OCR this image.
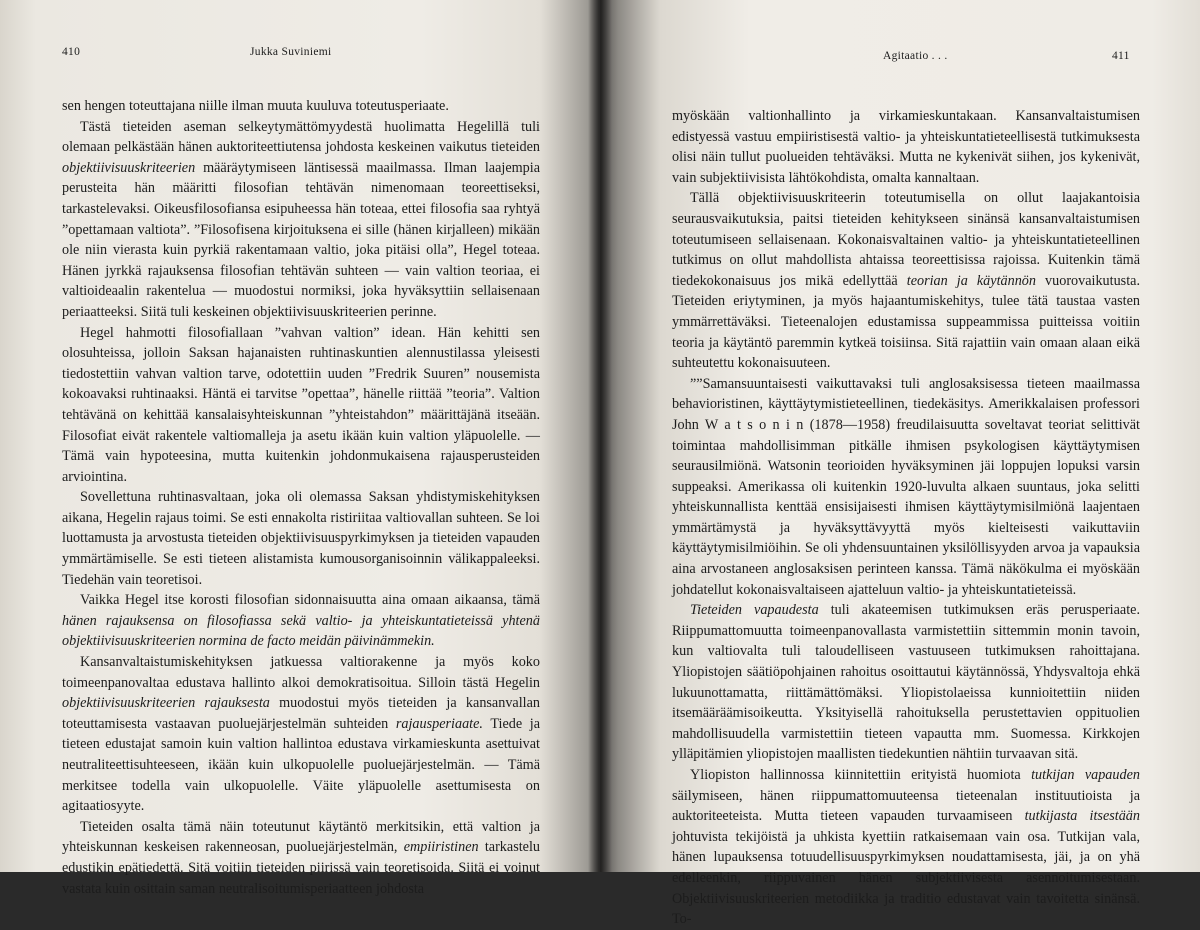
410	Jukka Suviniemi

sen hengen toteuttajana niille ilman muuta kuuluva toteutusperiaate.

Tästä tieteiden aseman selkeytymättömyydestä huolimatta Hegelillä tuli olemaan pelkästään hänen auktoriteettiutensa johdosta keskeinen vaikutus tieteiden objektiivisuuskriteerien määräytymiseen läntisessä maailmassa. Ilman laajempia perusteita hän määritti filosofian tehtävän nimenomaan teoreettiseksi, tarkastelevaksi. Oikeusfilosofiansa esipuheessa hän toteaa, ettei filosofia saa ryhtyä ”opettamaan valtiota”. ”Filosofisena kirjoituksena ei sille (hänen kirjalleen) mikään ole niin vierasta kuin pyrkiä rakentamaan valtio, joka pitäisi olla”, Hegel toteaa. Hänen jyrkkä rajauksensa filosofian tehtävän suhteen — vain valtion teoriaa, ei valtioideaalin rakentelua — muodostui normiksi, joka hyväksyttiin sellaisenaan periaatteeksi. Siitä tuli keskeinen objektiivisuuskriteerien perinne.

Hegel hahmotti filosofiallaan ”vahvan valtion” idean. Hän kehitti sen olosuhteissa, jolloin Saksan hajanaisten ruhtinaskuntien alennustilassa yleisesti tiedostettiin vahvan valtion tarve, odotettiin uuden ”Fredrik Suuren” nousemista kokoavaksi ruhtinaaksi. Häntä ei tarvitse ”opettaa”, hänelle riittää ”teoria”. Valtion tehtävänä on kehittää kansalaisyhteiskunnan ”yhteistahdon” määrittäjänä itseään. Filosofiat eivät rakentele valtiomalleja ja asetu ikään kuin valtion yläpuolelle. — Tämä vain hypoteesina, mutta kuitenkin johdonmukaisena rajausperusteiden arviointina.

Sovellettuna ruhtinasvaltaan, joka oli olemassa Saksan yhdistymiskehityksen aikana, Hegelin rajaus toimi. Se esti ennakolta ristiriitaa valtiovallan suhteen. Se loi luottamusta ja arvostusta tieteiden objektiivisuuspyrkimyksen ja tieteiden vapauden ymmärtämiselle. Se esti tieteen alistamista kumousorganisoinnin välikappaleeksi. Tiedehän vain teoretisoi.

Vaikka Hegel itse korosti filosofian sidonnaisuutta aina omaan aikaansa, tämä hänen rajauksensa on filosofiassa sekä valtio- ja yhteiskuntatieteissä yhtenä objektiivisuuskriteerien normina de facto meidän päivinämmekin.

Kansanvaltaistumiskehityksen jatkuessa valtiorakenne ja myös koko toimeenpanovaltaa edustava hallinto alkoi demokratisoitua. Silloin tästä Hegelin objektiivisuuskriteerien rajauksesta muodostui myös tieteiden ja kansanvallan toteuttamisesta vastaavan puoluejärjestelmän suhteiden rajausperiaate. Tiede ja tieteen edustajat samoin kuin valtion hallintoa edustava virkamieskunta asettuivat neutraliteettisuhteeseen, ikään kuin ulkopuolelle puoluejärjestelmän. — Tämä merkitsee todella vain ulkopuolelle. Väite yläpuolelle asettumisesta on agitaatiosyyte.

Tieteiden osalta tämä näin toteutunut käytäntö merkitsikin, että valtion ja yhteiskunnan keskeisen rakenneosan, puoluejärjestelmän, empiiristinen tarkastelu edustikin epätiedettä. Sitä voitiin tieteiden piirissä vain teoretisoida. Siitä ei voinut vastata kuin osittain saman neutralisoitumisperiaatteen johdosta

Agitaatio . . .	411

myöskään valtionhallinto ja virkamieskuntakaan. Kansanvaltaistumisen edistyessä vastuu empiiristisestä valtio- ja yhteiskuntatieteellisestä tutkimuksesta olisi näin tullut puolueiden tehtäväksi. Mutta ne kykenivät siihen, jos kykenivät, vain subjektiivisista lähtökohdista, omalta kannaltaan.

Tällä objektiivisuuskriteerin toteutumisella on ollut laajakantoisia seurausvaikutuksia, paitsi tieteiden kehitykseen sinänsä kansanvaltaistumisen toteutumiseen sellaisenaan. Kokonaisvaltainen valtio- ja yhteiskuntatieteellinen tutkimus on ollut mahdollista ahtaissa teoreettisissa rajoissa. Kuitenkin tämä tiedekokonaisuus jos mikä edellyttää teorian ja käytännön vuorovaikutusta. Tieteiden eriytyminen, ja myös hajaantumiskehitys, tulee tätä taustaa vasten ymmärrettäväksi. Tieteenalojen edustamissa suppeammissa puitteissa voitiin teoria ja käytäntö paremmin kytkeä toisiinsa. Sitä rajattiin vain omaan alaan eikä suhteutettu kokonaisuuteen.

””Samansuuntaisesti vaikuttavaksi tuli anglosaksisessa tieteen maailmassa behavioristinen, käyttäytymistieteellinen, tiedekäsitys. Amerikkalaisen professori John W a t s o n i n (1878—1958) freudilaisuutta soveltavat teoriat selittivät toimintaa mahdollisimman pitkälle ihmisen psykologisen käyttäytymisen seurausilmiönä. Watsonin teorioiden hyväksyminen jäi loppujen lopuksi varsin suppeaksi. Amerikassa oli kuitenkin 1920-luvulta alkaen suuntaus, joka selitti yhteiskunnallista kenttää ensisijaisesti ihmisen käyttäytymisilmiönä laajentaen ymmärtämystä ja hyväksyttävyyttä myös kielteisesti vaikuttaviin käyttäytymisilmiöihin. Se oli yhdensuuntainen yksilöllisyyden arvoa ja vapauksia aina arvostaneen anglosaksisen perinteen kanssa. Tämä näkökulma ei myöskään johdatellut kokonaisvaltaiseen ajatteluun valtio- ja yhteiskuntatieteissä.

Tieteiden vapaudesta tuli akateemisen tutkimuksen eräs perusperiaate. Riippumattomuutta toimeenpanovallasta varmistettiin sittemmin monin tavoin, kun valtiovalta tuli taloudelliseen vastuuseen tutkimuksen rahoittajana. Yliopistojen säätiöpohjainen rahoitus osoittautui käytännössä, Yhdysvaltoja ehkä lukuunottamatta, riittämättömäksi. Yliopistolaeissa kunnioitettiin niiden itsemääräämisoikeutta. Yksityisellä rahoituksella perustettavien oppituolien mahdollisuudella varmistettiin tieteen vapautta mm. Suomessa. Kirkkojen ylläpitämien yliopistojen maallisten tiedekuntien nähtiin turvaavan sitä.

Yliopiston hallinnossa kiinnitettiin erityistä huomiota tutkijan vapauden säilymiseen, hänen riippumattomuuteensa tieteenalan instituutioista ja auktoriteeteista. Mutta tieteen vapauden turvaamiseen tutkijasta itsestään johtuvista tekijöistä ja uhkista kyettiin ratkaisemaan vain osa. Tutkijan vala, hänen lupauksensa totuudellisuuspyrkimyksen noudattamisesta, jäi, ja on yhä edelleenkin, riippuvainen hänen subjektiivisesta asennoitumisestaan. Objektiivisuuskriteerien metodiikka ja traditio edustavat vain tavoitetta sinänsä. To-
